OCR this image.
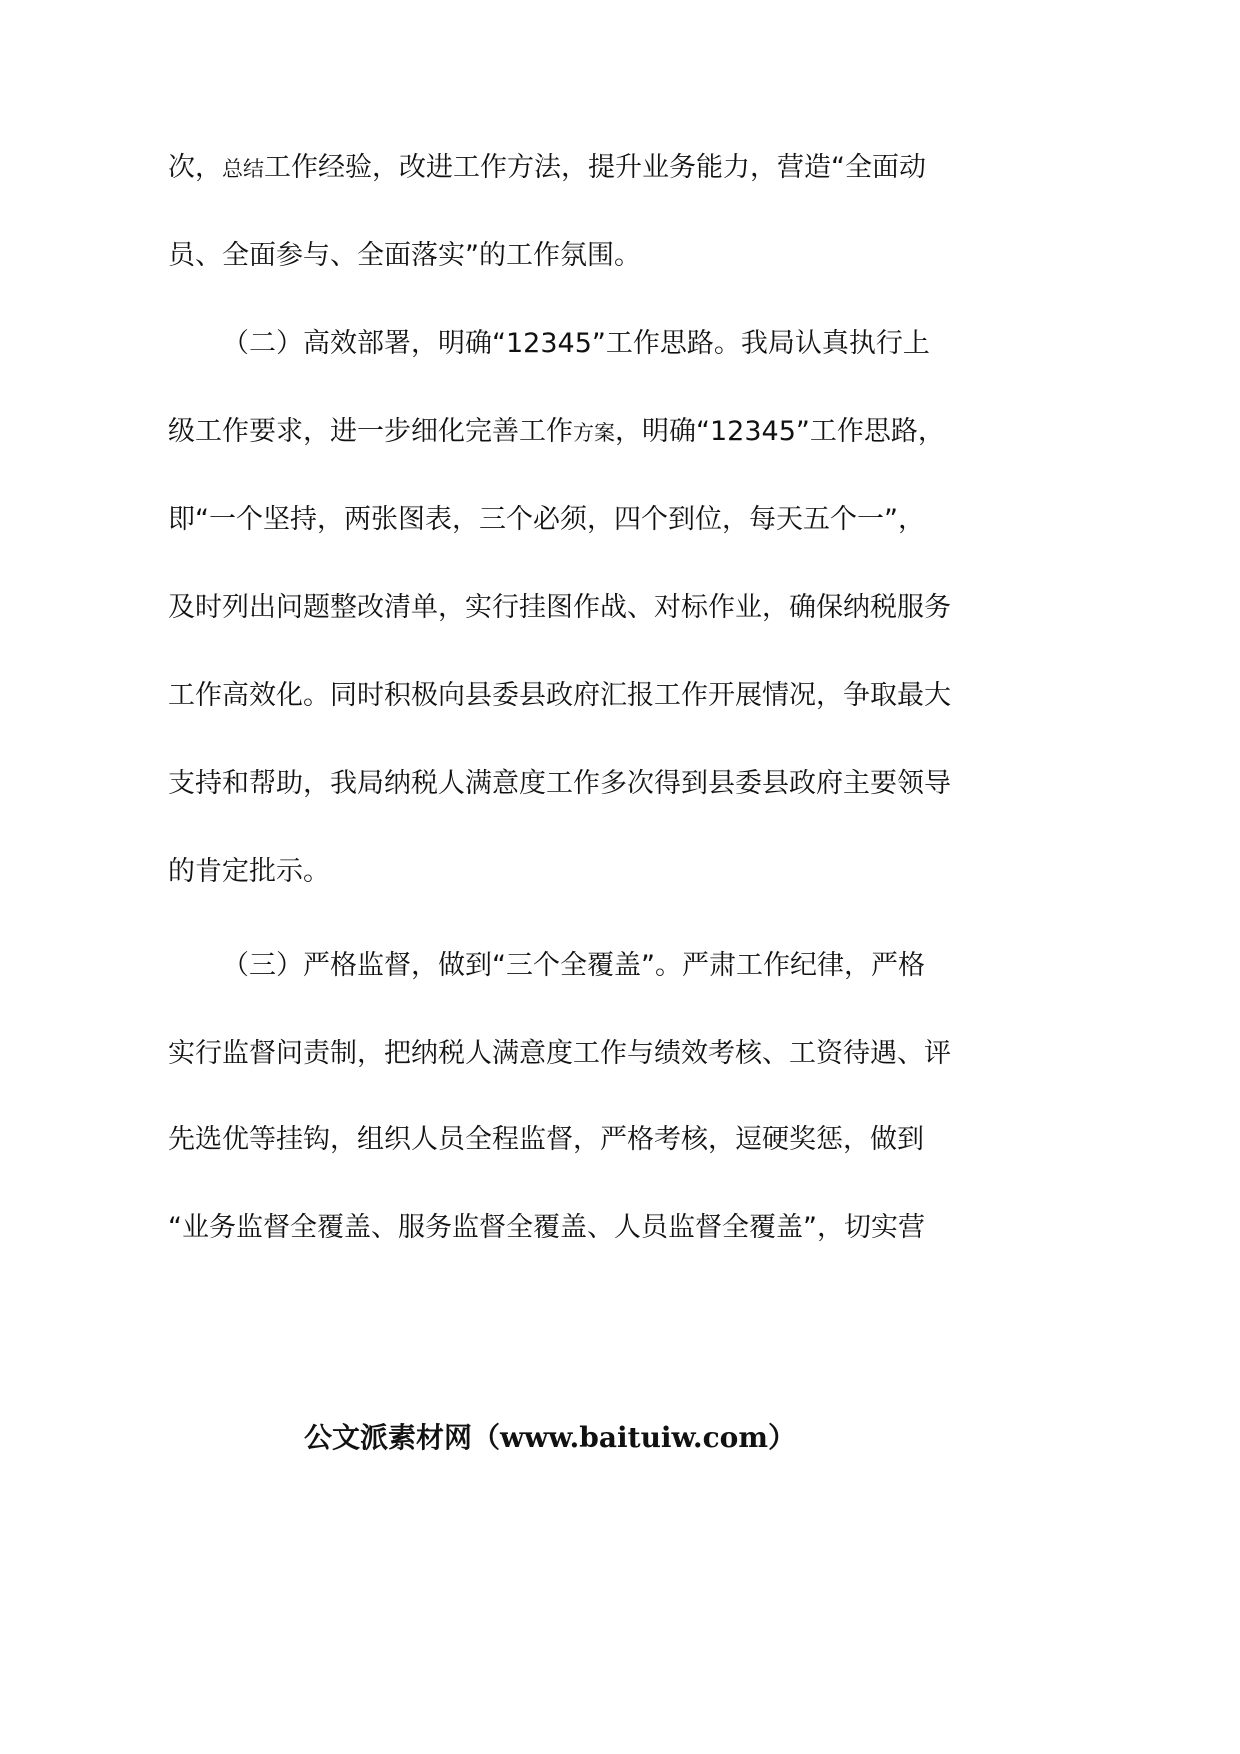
次，总结工作经验，改进工作方法，提升业务能力，营造“全面动
员、全面参与、全面落实”的工作氛围。
（二）高效部署，明确“12345”工作思路。我局认真执行上
级工作要求，进一步细化完善工作方案，明确“12345”工作思路，
即“一个坚持，两张图表，三个必须，四个到位，每天五个一”，
及时列出问题整改清单，实行挂图作战、对标作业，确保纳税服务
工作高效化。同时积极向县委县政府汇报工作开展情况，争取最大
支持和帮助，我局纳税人满意度工作多次得到县委县政府主要领导
的肯定批示。
（三）严格监督，做到“三个全覆盖”。严肃工作纪律，严格
实行监督问责制，把纳税人满意度工作与绩效考核、工资待遇、评
先选优等挂钩，组织人员全程监督，严格考核，逗硬奖惩，做到
“业务监督全覆盖、服务监督全覆盖、人员监督全覆盖”，切实营
公文派素材网（www.baituiw.com）
